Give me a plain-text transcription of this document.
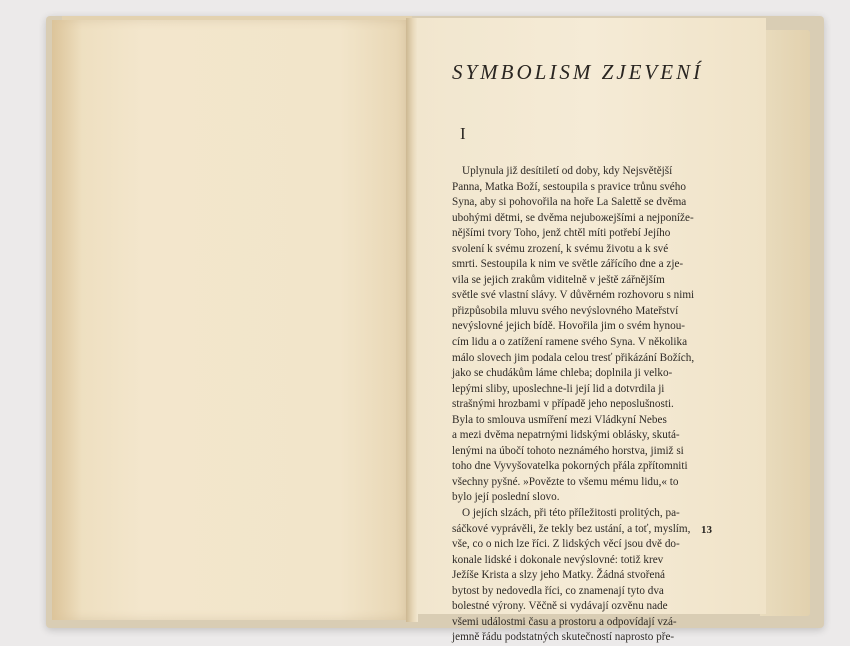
SYMBOLISM ZJEVENÍ
I
Uplynula již desítiletí od doby, kdy Nejsvětější
Panna, Matka Boží, sestoupila s pravice trůnu svého
Syna, aby si pohovořila na hoře La Salettě se dvěma
ubohými dětmi, se dvěma nejuboжejšími a nejponíže-
nějšími tvory Toho, jenž chtěl míti potřebí Jejího
svolení k svému zrození, k svému životu a k své
smrti. Sestoupila k nim ve světle zářícího dne a zje-
vila se jejich zrakům viditelně v ještě zářnějším
světle své vlastní slávy. V důvěrném rozhovoru s nimi
přizpůsobila mluvu svého nevýslovného Mateřství
nevýslovné jejich bídě. Hovořila jim o svém hynou-
cím lidu a o zatížení ramene svého Syna. V několika
málo slovech jim podala celou tresť přikázání Božích,
jako se chudákům láme chleba; doplnila ji velko-
lepými sliby, uposlechne-li její lid a dotvrdila ji
strašnými hrozbami v případě jeho neposlušnosti.
Byla to smlouva usmíření mezi Vládkyní Nebes
a mezi dvěma nepatrnými lidskými oblásky, skutá-
lenými na úbočí tohoto neznámého horstva, jimiž si
toho dne Vyvyšovatelka pokorných přála zpřítomniti
všechny pyšné. »Povězte to všemu mému lidu,« to
bylo její poslední slovo.
O jejích slzách, při této příležitosti prolitých, pa-
sáčkové vyprávěli, že tekly bez ustání, a toť, myslím,
vše, co o nich lze říci. Z lidských věcí jsou dvě do-
konale lidské i dokonale nevýslovné: totiž krev
Ježíše Krista a slzy jeho Matky. Žádná stvořená
bytost by nedovedla říci, co znamenají tyto dva
bolestné výrony. Věčně si vydávají ozvěnu nade
všemi událostmi času a prostoru a odpovídají vzá-
jemně řádu podstatných skutečností naprosto pře-
13
